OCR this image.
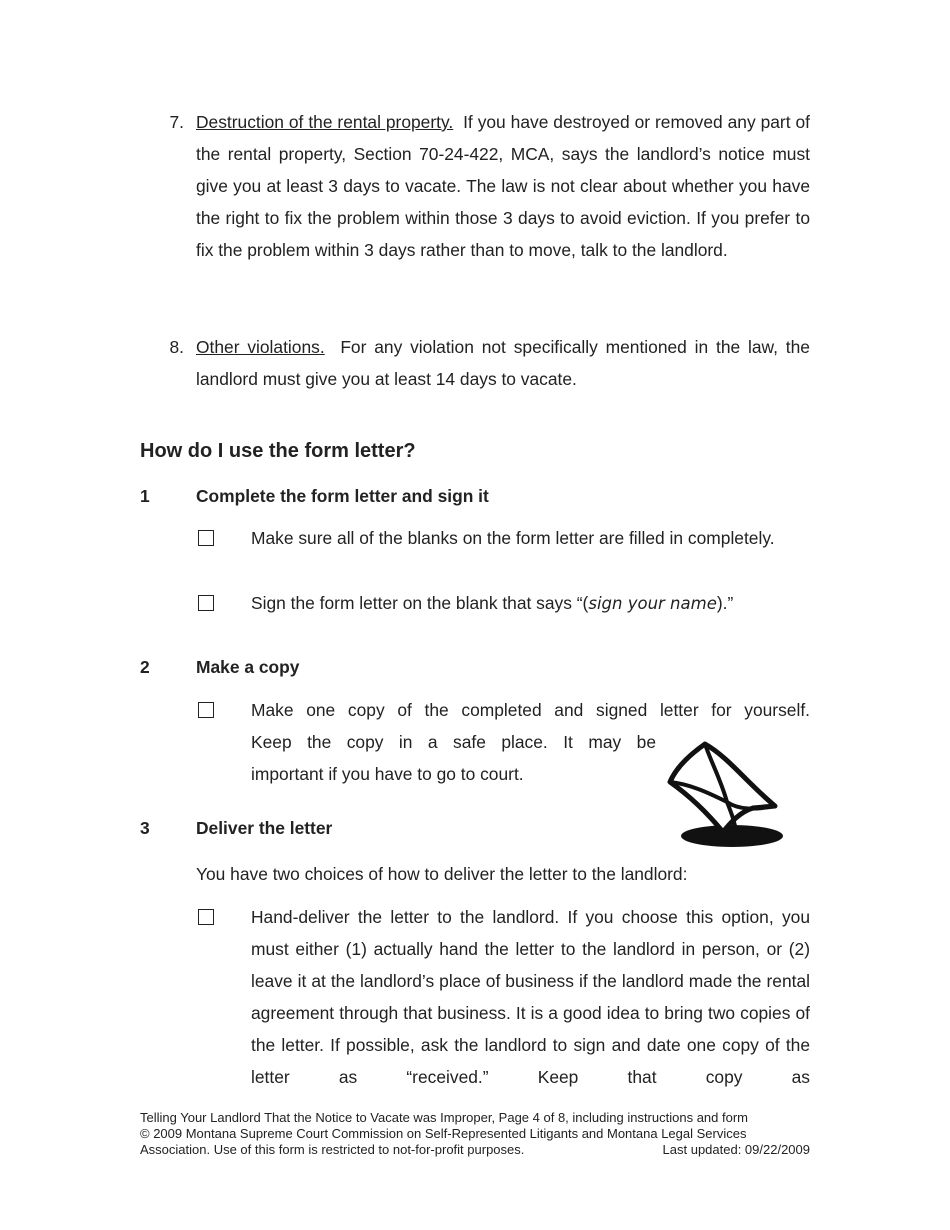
7. Destruction of the rental property. If you have destroyed or removed any part of the rental property, Section 70-24-422, MCA, says the landlord’s notice must give you at least 3 days to vacate. The law is not clear about whether you have the right to fix the problem within those 3 days to avoid eviction. If you prefer to fix the problem within 3 days rather than to move, talk to the landlord.
8. Other violations. For any violation not specifically mentioned in the law, the landlord must give you at least 14 days to vacate.
How do I use the form letter?
1	Complete the form letter and sign it
Make sure all of the blanks on the form letter are filled in completely.
Sign the form letter on the blank that says “(sign your name).”
2	Make a copy
Make one copy of the completed and signed letter for yourself.
Keep the copy in a safe place. It may be
important if you have to go to court.
3	Deliver the letter
You have two choices of how to deliver the letter to the landlord:
Hand-deliver the letter to the landlord. If you choose this option, you must either (1) actually hand the letter to the landlord in person, or (2) leave it at the landlord’s place of business if the landlord made the rental agreement through that business. It is a good idea to bring two copies of the letter. If possible, ask the landlord to sign and date one copy of the letter as “received.” Keep that copy as
Telling Your Landlord That the Notice to Vacate was Improper, Page 4 of 8, including instructions and form
© 2009 Montana Supreme Court Commission on Self-Represented Litigants and Montana Legal Services
Association. Use of this form is restricted to not-for-profit purposes.	Last updated: 09/22/2009
